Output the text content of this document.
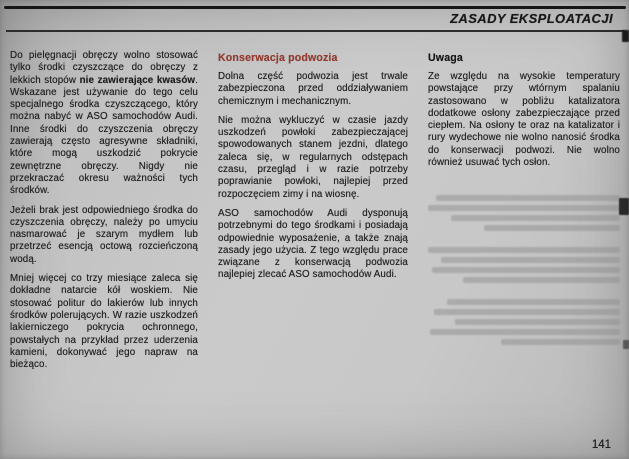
ZASADY EKSPLOATACJI

Do pielęgnacji obręczy wolno stosować tylko środki czyszczące do obręczy z lekkich stopów nie zawierające kwasów. Wskazane jest używanie do tego celu specjalnego środka czyszczącego, który można nabyć w ASO samochodów Audi. Inne środki do czyszczenia obręczy zawierają często agresywne składniki, które mogą uszkodzić pokrycie zewnętrzne obręczy. Nigdy nie przekraczać okresu ważności tych środków.

Jeżeli brak jest odpowiedniego środka do czyszczenia obręczy, należy po umyciu nasmarować je szarym mydłem lub przetrzeć esencją octową rozcieńczoną wodą.

Mniej więcej co trzy miesiące zaleca się dokładne natarcie kół woskiem. Nie stosować politur do lakierów lub innych środków polerujących. W razie uszkodzeń lakierniczego pokrycia ochronnego, powstałych na przykład przez uderzenia kamieni, dokonywać jego napraw na bieżąco.

Konserwacja podwozia

Dolna część podwozia jest trwale zabezpieczona przed oddziaływaniem chemicznym i mechanicznym.

Nie można wykluczyć w czasie jazdy uszkodzeń powłoki zabezpieczającej spowodowanych stanem jezdni, dlatego zaleca się, w regularnych odstępach czasu, przegląd i w razie potrzeby poprawianie powłoki, najlepiej przed rozpoczęciem zimy i na wiosnę.

ASO samochodów Audi dysponują potrzebnymi do tego środkami i posiadają odpowiednie wyposażenie, a także znają zasady jego użycia. Z tego względu prace związane z konserwacją podwozia najlepiej zlecać ASO samochodów Audi.

Uwaga

Ze względu na wysokie temperatury powstające przy wtórnym spalaniu zastosowano w pobliżu katalizatora dodatkowe osłony zabezpieczające przed ciepłem. Na osłony te oraz na katalizator i rury wydechowe nie wolno nanosić środka do konserwacji podwozi. Nie wolno również usuwać tych osłon.

141
